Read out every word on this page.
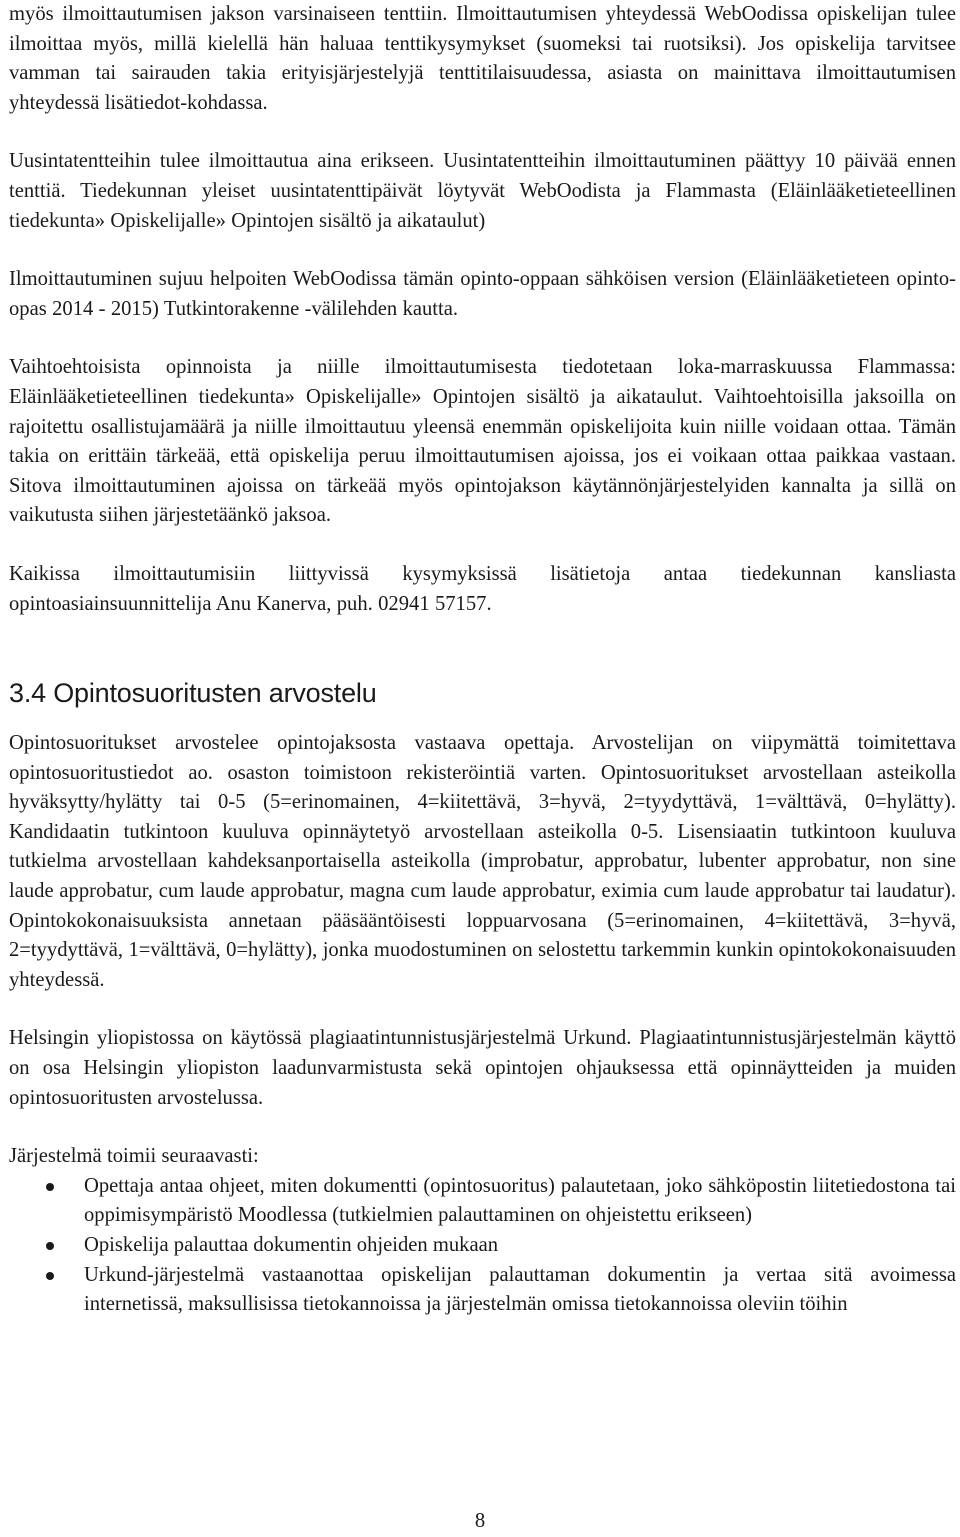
myös ilmoittautumisen jakson varsinaiseen tenttiin. Ilmoittautumisen yhteydessä WebOodissa opiskelijan tulee ilmoittaa myös, millä kielellä hän haluaa tenttikysymykset (suomeksi tai ruotsiksi). Jos opiskelija tarvitsee vamman tai sairauden takia erityisjärjestelyjä tenttitilaisuudessa, asiasta on mainittava ilmoittautumisen yhteydessä lisätiedot-kohdassa.

Uusintatentteihin tulee ilmoittautua aina erikseen. Uusintatentteihin ilmoittautuminen päättyy 10 päivää ennen tenttiä. Tiedekunnan yleiset uusintatenttipäivät löytyvät WebOodista ja Flammasta (Eläinlääketieteellinen tiedekunta» Opiskelijalle» Opintojen sisältö ja aikataulut)

Ilmoittautuminen sujuu helpoiten WebOodissa tämän opinto-oppaan sähköisen version (Eläinlääketieteen opinto-opas 2014 - 2015) Tutkintorakenne -välilehden kautta.

Vaihtoehtoisista opinnoista ja niille ilmoittautumisesta tiedotetaan loka-marraskuussa Flammassa: Eläinlääketieteellinen tiedekunta» Opiskelijalle» Opintojen sisältö ja aikataulut. Vaihtoehtoisilla jaksoilla on rajoitettu osallistujamäärä ja niille ilmoittautuu yleensä enemmän opiskelijoita kuin niille voidaan ottaa. Tämän takia on erittäin tärkeää, että opiskelija peruu ilmoittautumisen ajoissa, jos ei voikaan ottaa paikkaa vastaan. Sitova ilmoittautuminen ajoissa on tärkeää myös opintojakson käytännönjärjestelyiden kannalta ja sillä on vaikutusta siihen järjestetäänkö jaksoa.

Kaikissa ilmoittautumisiin liittyvissä kysymyksissä lisätietoja antaa tiedekunnan kansliasta opintoasiainsuunnittelija Anu Kanerva, puh. 02941 57157.

3.4 Opintosuoritusten arvostelu

Opintosuoritukset arvostelee opintojaksosta vastaava opettaja. Arvostelijan on viipymättä toimitettava opintosuoritustiedot ao. osaston toimistoon rekisteröintiä varten. Opintosuoritukset arvostellaan asteikolla hyväksytty/hylätty tai 0-5 (5=erinomainen, 4=kiitettävä, 3=hyvä, 2=tyydyttävä, 1=välttävä, 0=hylätty). Kandidaatin tutkintoon kuuluva opinnäytetyö arvostellaan asteikolla 0-5. Lisensiaatin tutkintoon kuuluva tutkielma arvostellaan kahdeksanportaisella asteikolla (improbatur, approbatur, lubenter approbatur, non sine laude approbatur, cum laude approbatur, magna cum laude approbatur, eximia cum laude approbatur tai laudatur). Opintokokonaisuuksista annetaan pääsääntöisesti loppuarvosana (5=erinomainen, 4=kiitettävä, 3=hyvä, 2=tyydyttävä, 1=välttävä, 0=hylätty), jonka muodostuminen on selostettu tarkemmin kunkin opintokokonaisuuden yhteydessä.

Helsingin yliopistossa on käytössä plagiaatintunnistusjärjestelmä Urkund. Plagiaatintunnistusjärjestelmän käyttö on osa Helsingin yliopiston laadunvarmistusta sekä opintojen ohjauksessa että opinnäytteiden ja muiden opintosuoritusten arvostelussa.

Järjestelmä toimii seuraavasti:

Opettaja antaa ohjeet, miten dokumentti (opintosuoritus) palautetaan, joko sähköpostin liitetiedostona tai oppimisympäristö Moodlessa (tutkielmien palauttaminen on ohjeistettu erikseen)
Opiskelija palauttaa dokumentin ohjeiden mukaan
Urkund-järjestelmä vastaanottaa opiskelijan palauttaman dokumentin ja vertaa sitä avoimessa internetissä, maksullisissa tietokannoissa ja järjestelmän omissa tietokannoissa oleviin töihin
8
